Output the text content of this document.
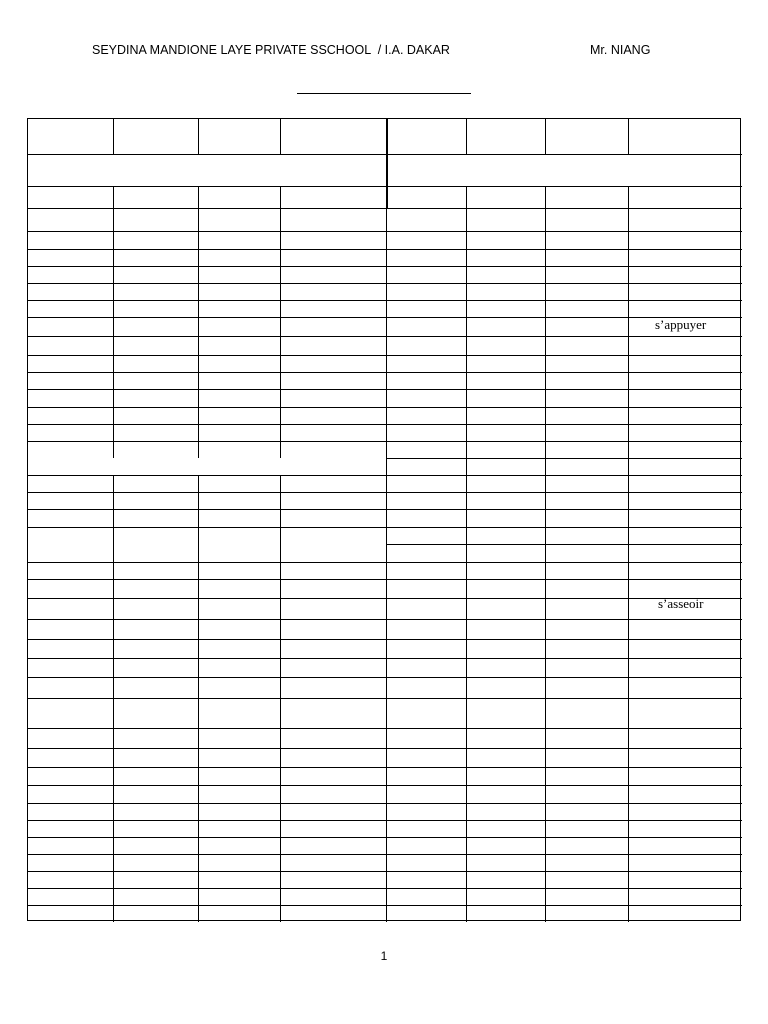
SEYDINA MANDIONE LAYE PRIVATE SSCHOOL  / I.A. DAKAR	Mr. NIANG
s’appuyer
s’asseoir
1
